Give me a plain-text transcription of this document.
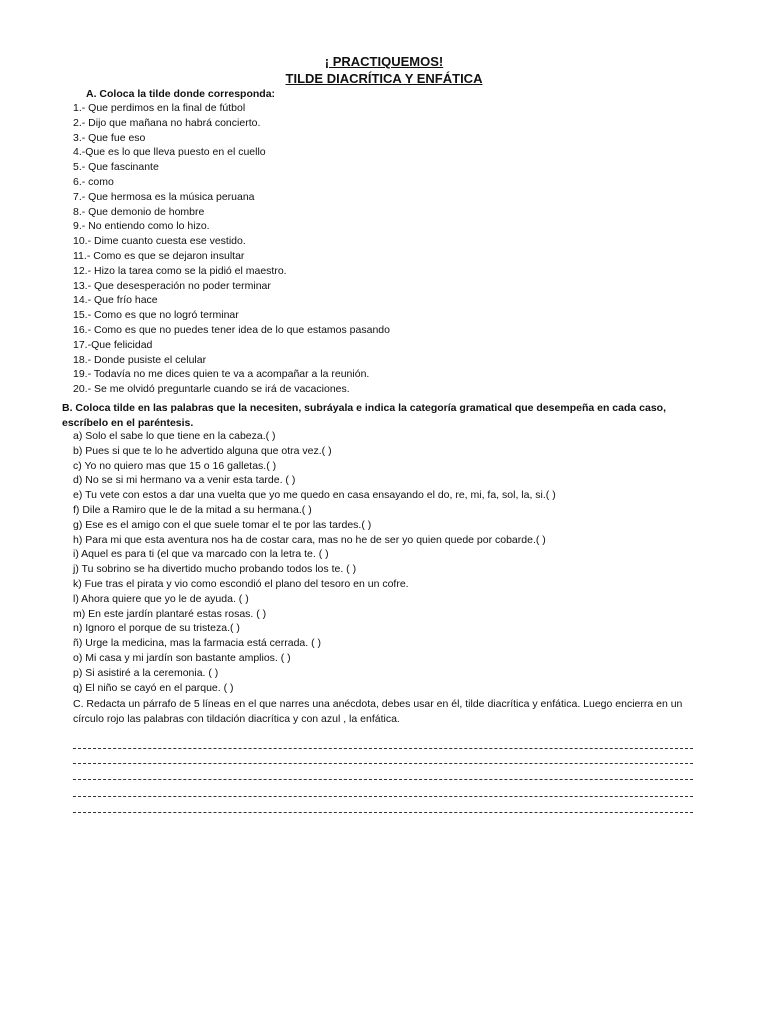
¡ PRACTIQUEMOS!
TILDE DIACRÍTICA Y ENFÁTICA
A. Coloca la tilde donde corresponda:
1.- Que perdimos en la final de fútbol
2.- Dijo que mañana no habrá concierto.
3.- Que fue eso
4.-Que es lo que lleva puesto en el cuello
5.- Que fascinante
6.- como
7.- Que hermosa es la música peruana
8.- Que demonio de hombre
9.- No entiendo como lo hizo.
10.- Dime cuanto cuesta ese vestido.
11.- Como es que se dejaron insultar
12.- Hizo la tarea como se la pidió el maestro.
13.- Que desesperación no poder terminar
14.- Que frío hace
15.- Como es que no logró terminar
16.- Como es que no puedes tener idea de lo que estamos pasando
17.-Que felicidad
18.- Donde pusiste el celular
19.- Todavía no me dices quien te va a acompañar a la reunión.
20.- Se me olvidó preguntarle cuando se irá de vacaciones.
B. Coloca tilde en las palabras que la necesiten, subráyala e indica la categoría gramatical que desempeña en cada caso, escríbelo en el paréntesis.
a) Solo el sabe lo que tiene en la cabeza.( )
b) Pues si que te lo he advertido alguna que otra vez.( )
c) Yo no quiero mas que 15 o 16 galletas.( )
d) No se si mi hermano va a venir esta tarde. ( )
e) Tu vete con estos a dar una vuelta que yo me quedo en casa ensayando el do, re, mi, fa, sol, la, si.( )
f) Dile a Ramiro que le de la mitad a su hermana.( )
g) Ese es el amigo con el que suele tomar el te por las tardes.( )
h) Para mi que esta aventura nos ha de costar cara, mas no he de ser yo quien quede por cobarde.( )
i) Aquel es para ti (el que va marcado con la letra te. ( )
j) Tu sobrino se ha divertido mucho probando todos los te. ( )
k) Fue tras el pirata y vio como escondió el plano del tesoro en un cofre.
l) Ahora quiere que yo le de ayuda. ( )
m) En este jardín plantaré estas rosas. ( )
n) Ignoro el porque de su tristeza.( )
ñ) Urge la medicina, mas la farmacia está cerrada. ( )
o) Mi casa y mi jardín son bastante amplios. ( )
p) Si asistiré a la ceremonia. ( )
q) El niño se cayó en el parque. ( )
C. Redacta un párrafo de 5 líneas en el que narres una anécdota, debes usar en él, tilde diacrítica y enfática. Luego encierra en un círculo rojo las palabras con tildación diacrítica y con azul , la enfática.
